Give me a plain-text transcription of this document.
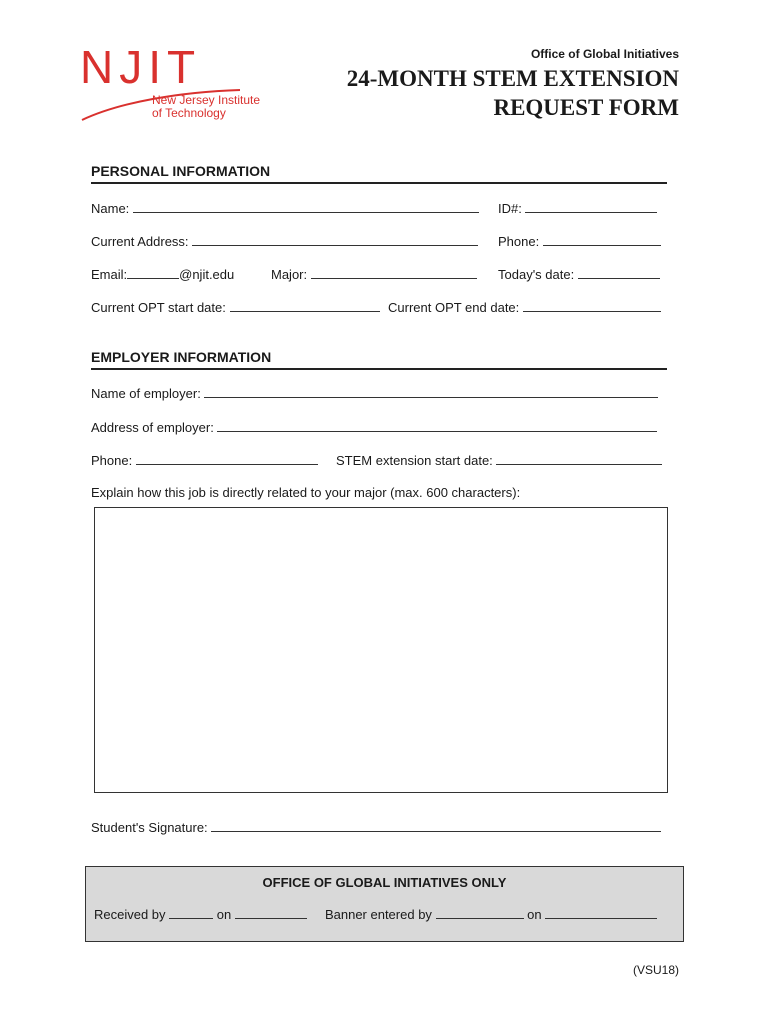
NJIT
New Jersey Institute
of Technology
Office of Global Initiatives
24-MONTH STEM EXTENSION
REQUEST FORM
PERSONAL INFORMATION
Name:	ID#:
Current Address:	Phone:
Email:	@njit.edu	Major:	Today's date:
Current OPT start date:	Current OPT end date:
EMPLOYER INFORMATION
Name of employer:
Address of employer:
Phone:	STEM extension start date:
Explain how this job is directly related to your major (max. 600 characters):
Student's Signature:
OFFICE OF GLOBAL INITIATIVES ONLY
Received by	on	Banner entered by	on
(VSU18)
